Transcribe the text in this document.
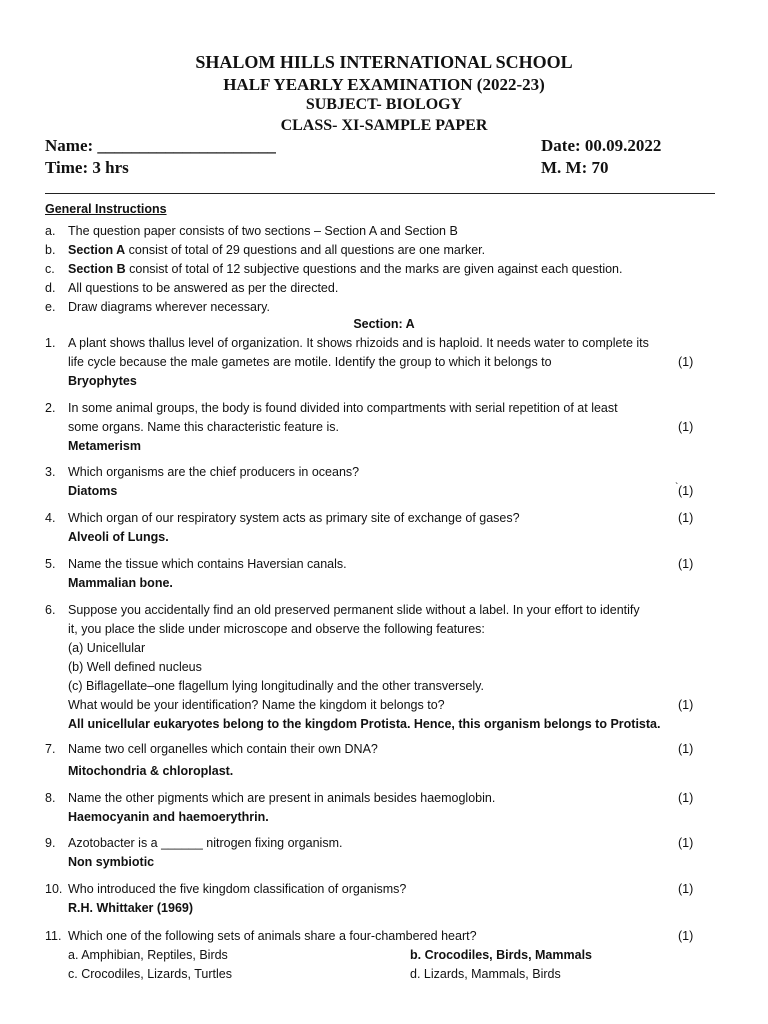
SHALOM HILLS INTERNATIONAL SCHOOL
HALF YEARLY EXAMINATION (2022-23)
SUBJECT- BIOLOGY
CLASS- XI-SAMPLE PAPER
Name: _____________________	Date: 00.09.2022
Time: 3 hrs	M. M: 70
General Instructions
a.	The question paper consists of two sections – Section A and Section B
b.	Section A consist of total of 29 questions and all questions are one marker.
c.	Section B consist of total of 12 subjective questions and the marks are given against each question.
d.	All questions to be answered as per the directed.
e.	Draw diagrams wherever necessary.
Section: A
1.	A plant shows thallus level of organization. It shows rhizoids and is haploid. It needs water to complete its
life cycle because the male gametes are motile. Identify the group to which it belongs to	(1)
Bryophytes
2.	In some animal groups, the body is found divided into compartments with serial repetition of at least
some organs. Name this characteristic feature is.	(1)
Metamerism
3.	Which organisms are the chief producers in oceans?
Diatoms	` (1)
4.	Which organ of our respiratory system acts as primary site of exchange of gases?	(1)
Alveoli of Lungs.
5.	Name the tissue which contains Haversian canals.	(1)
Mammalian bone.
6.	Suppose you accidentally find an old preserved permanent slide without a label. In your effort to identify
it, you place the slide under microscope and observe the following features:
(a) Unicellular
(b) Well defined nucleus
(c) Biflagellate–one flagellum lying longitudinally and the other transversely.
What would be your identification? Name the kingdom it belongs to?	(1)
All unicellular eukaryotes belong to the kingdom Protista. Hence, this organism belongs to Protista.
7.	Name two cell organelles which contain their own DNA?	(1)
Mitochondria & chloroplast.
8.	Name the other pigments which are present in animals besides haemoglobin.	(1)
Haemocyanin and haemoerythrin.
9.	Azotobacter is a ______ nitrogen fixing organism.	(1)
Non symbiotic
10. Who introduced the five kingdom classification of organisms?	(1)
R.H. Whittaker (1969)
11. Which one of the following sets of animals share a four-chambered heart?	(1)
a. Amphibian, Reptiles, Birds	b. Crocodiles, Birds, Mammals
c. Crocodiles, Lizards, Turtles	d. Lizards, Mammals, Birds
